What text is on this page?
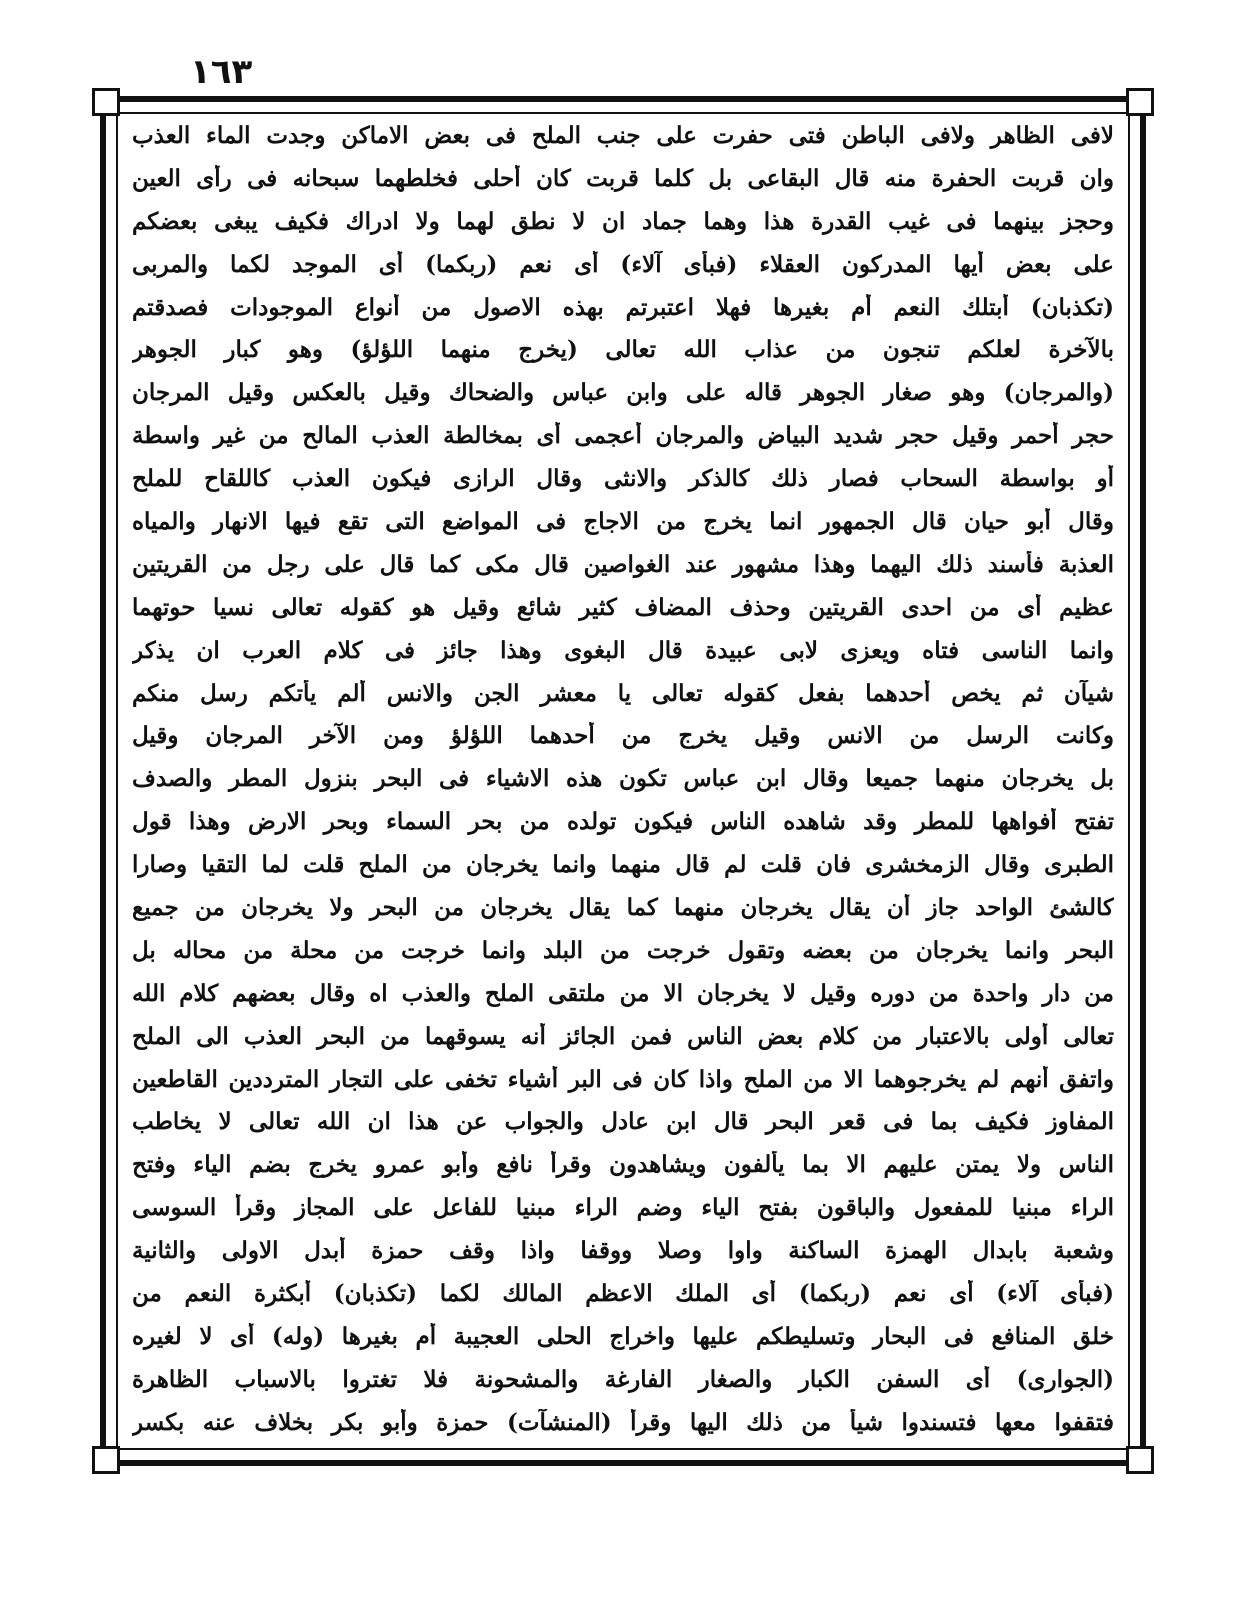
١٦٣
لافى الظاهر ولافى الباطن فتى حفرت على جنب الملح فى بعض الاماكن وجدت الماء العذب
وان قربت الحفرة منه قال البقاعى بل كلما قربت كان أحلى فخلطهما سبحانه فى رأى العين
وحجز بينهما فى غيب القدرة هذا وهما جماد ان لا نطق لهما ولا ادراك فكيف يبغى بعضكم
على بعض أيها المدركون العقلاء (فبأى آلاء) أى نعم (ربكما) أى الموجد لكما والمربى
(تكذبان) أبتلك النعم أم بغيرها فهلا اعتبرتم بهذه الاصول من أنواع الموجودات فصدقتم
بالآخرة لعلكم تنجون من عذاب الله تعالى (يخرج منهما اللؤلؤ) وهو كبار الجوهر
(والمرجان) وهو صغار الجوهر قاله على وابن عباس والضحاك وقيل بالعكس وقيل المرجان
حجر أحمر وقيل حجر شديد البياض والمرجان أعجمى أى بمخالطة العذب المالح من غير واسطة
أو بواسطة السحاب فصار ذلك كالذكر والانثى وقال الرازى فيكون العذب كاللقاح للملح
وقال أبو حيان قال الجمهور انما يخرج من الاجاج فى المواضع التى تقع فيها الانهار والمياه
العذبة فأسند ذلك اليهما وهذا مشهور عند الغواصين قال مكى كما قال على رجل من القريتين
عظيم أى من احدى القريتين وحذف المضاف كثير شائع وقيل هو كقوله تعالى نسيا حوتهما
وانما الناسى فتاه ويعزى لابى عبيدة قال البغوى وهذا جائز فى كلام العرب ان يذكر
شيآن ثم يخص أحدهما بفعل كقوله تعالى يا معشر الجن والانس ألم يأتكم رسل منكم
وكانت الرسل من الانس وقيل يخرج من أحدهما اللؤلؤ ومن الآخر المرجان وقيل
بل يخرجان منهما جميعا وقال ابن عباس تكون هذه الاشياء فى البحر بنزول المطر والصدف
تفتح أفواهها للمطر وقد شاهده الناس فيكون تولده من بحر السماء وبحر الارض وهذا قول
الطبرى وقال الزمخشرى فان قلت لم قال منهما وانما يخرجان من الملح قلت لما التقيا وصارا
كالشئ الواحد جاز أن يقال يخرجان منهما كما يقال يخرجان من البحر ولا يخرجان من جميع
البحر وانما يخرجان من بعضه وتقول خرجت من البلد وانما خرجت من محلة من محاله بل
من دار واحدة من دوره وقيل لا يخرجان الا من ملتقى الملح والعذب اه وقال بعضهم كلام الله
تعالى أولى بالاعتبار من كلام بعض الناس فمن الجائز أنه يسوقهما من البحر العذب الى الملح
واتفق أنهم لم يخرجوهما الا من الملح واذا كان فى البر أشياء تخفى على التجار المترددين القاطعين
المفاوز فكيف بما فى قعر البحر قال ابن عادل والجواب عن هذا ان الله تعالى لا يخاطب
الناس ولا يمتن عليهم الا بما يألفون ويشاهدون وقرأ نافع وأبو عمرو يخرج بضم الياء وفتح
الراء مبنيا للمفعول والباقون بفتح الياء وضم الراء مبنيا للفاعل على المجاز وقرأ السوسى
وشعبة بابدال الهمزة الساكنة واوا وصلا ووقفا واذا وقف حمزة أبدل الاولى والثانية
(فبأى آلاء) أى نعم (ربكما) أى الملك الاعظم المالك لكما (تكذبان) أبكثرة النعم من
خلق المنافع فى البحار وتسليطكم عليها واخراج الحلى العجيبة أم بغيرها (وله) أى لا لغيره
(الجوارى) أى السفن الكبار والصغار الفارغة والمشحونة فلا تغتروا بالاسباب الظاهرة
فتقفوا معها فتسندوا شيأ من ذلك اليها وقرأ (المنشآت) حمزة وأبو بكر بخلاف عنه بكسر
